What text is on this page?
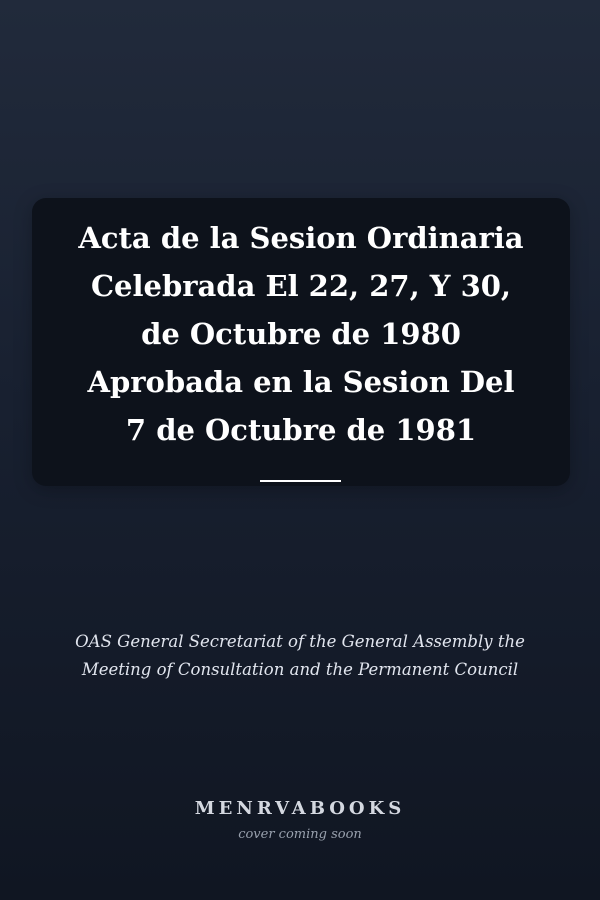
Acta de la Sesion Ordinaria
Celebrada El 22, 27, Y 30,
de Octubre de 1980
Aprobada en la Sesion Del
7 de Octubre de 1981
OAS General Secretariat of the General Assembly the
Meeting of Consultation and the Permanent Council
MENRVABOOKS
cover coming soon
